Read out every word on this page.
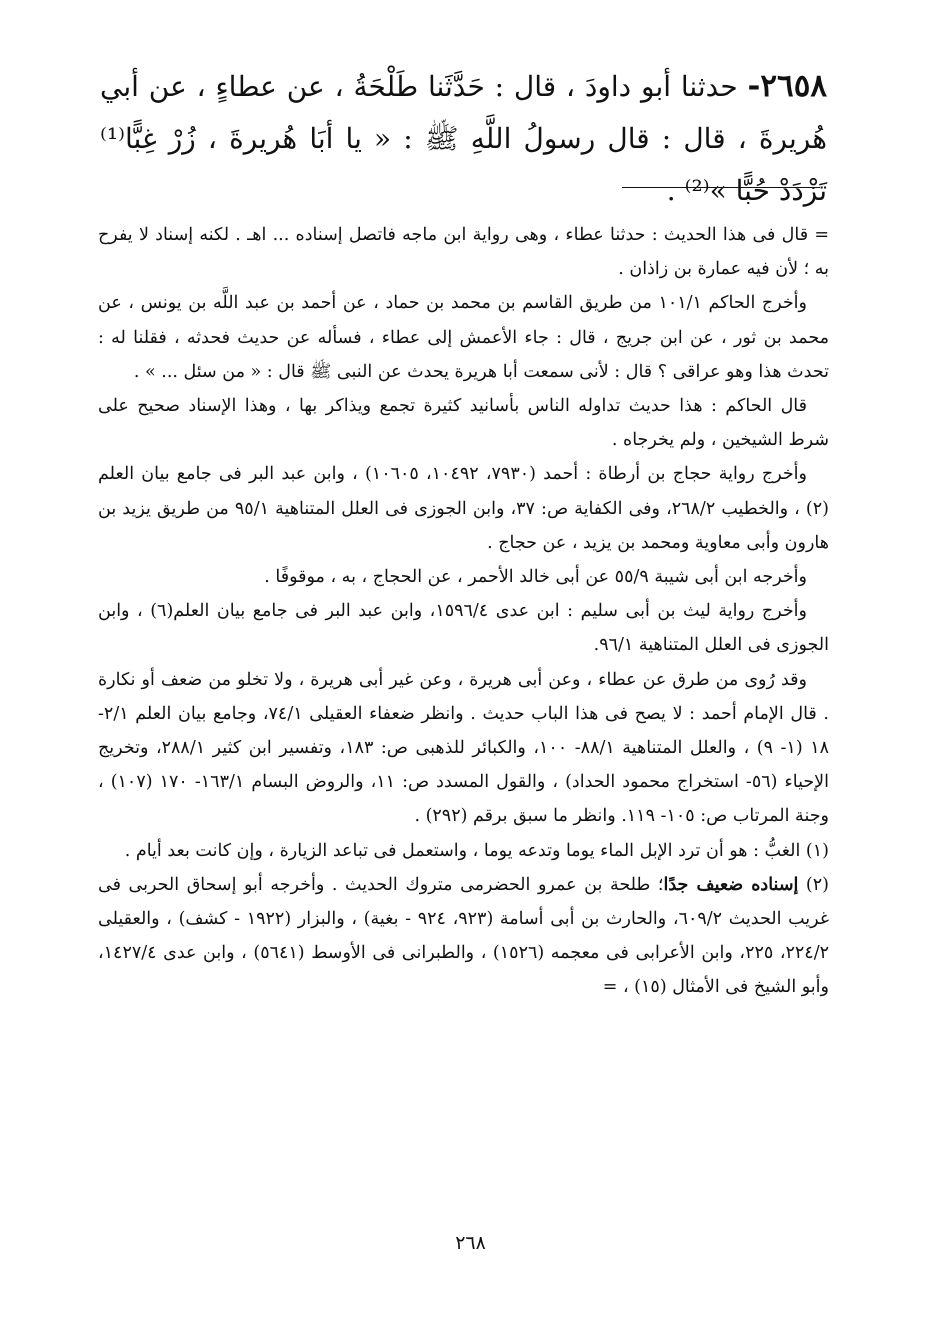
٢٦٥٨- حدثنا أبو داودَ ، قال : حَدَّثَنا طَلْحَةُ ، عن عطاءٍ ، عن أبي هُريرةَ ، قال : قال رسولُ اللَّهِ ﷺ : « يا أبَا هُريرةَ ، زُرْ غِبًّا⁽¹⁾ تَزْدَدْ حُبًّا »⁽²⁾ .

= قال فى هذا الحديث : حدثنا عطاء ، وهى رواية ابن ماجه فاتصل إسناده ... اهـ . لكنه إسناد لا يفرح به ؛ لأن فيه عمارة بن زاذان .

وأخرج الحاكم ١٠١/١ من طريق القاسم بن محمد بن حماد ، عن أحمد بن عبد اللَّه بن يونس ، عن محمد بن ثور ، عن ابن جريج ، قال : جاء الأعمش إلى عطاء ، فسأله عن حديث فحدثه ، فقلنا له : تحدث هذا وهو عراقى ؟ قال : لأنى سمعت أبا هريرة يحدث عن النبى ﷺ قال : « من سئل ... » .

قال الحاكم : هذا حديث تداوله الناس بأسانيد كثيرة تجمع ويذاكر بها ، وهذا الإسناد صحيح على شرط الشيخين ، ولم يخرجاه .

وأخرج رواية حجاج بن أرطاة : أحمد (٧٩٣٠، ١٠٤٩٢، ١٠٦٠٥) ، وابن عبد البر فى جامع بيان العلم (٢) ، والخطيب ٢٦٨/٢، وفى الكفاية ص: ٣٧، وابن الجوزى فى العلل المتناهية ٩٥/١ من طريق يزيد بن هارون وأبى معاوية ومحمد بن يزيد ، عن حجاج .

وأخرجه ابن أبى شيبة ٥٥/٩ عن أبى خالد الأحمر ، عن الحجاج ، به ، موقوفًا .

وأخرج رواية ليث بن أبى سليم : ابن عدى ١٥٩٦/٤، وابن عبد البر فى جامع بيان العلم(٦) ، وابن الجوزى فى العلل المتناهية ٩٦/١.

وقد رُوى من طرق عن عطاء ، وعن أبى هريرة ، وعن غير أبى هريرة ، ولا تخلو من ضعف أو نكارة . قال الإمام أحمد : لا يصح فى هذا الباب حديث . وانظر ضعفاء العقيلى ٧٤/١، وجامع بيان العلم ٢/١- ١٨ (١- ٩) ، والعلل المتناهية ٨٨/١- ١٠٠، والكبائر للذهبى ص: ١٨٣، وتفسير ابن كثير ٢٨٨/١، وتخريج الإحياء (٥٦- استخراج محمود الحداد) ، والقول المسدد ص: ١١، والروض البسام ١٦٣/١- ١٧٠ (١٠٧) ، وجنة المرتاب ص: ١٠٥- ١١٩. وانظر ما سبق برقم (٢٩٢) .

(١) الغبُّ : هو أن ترد الإبل الماء يوما وتدعه يوما ، واستعمل فى تباعد الزيارة ، وإن كانت بعد أيام .

(٢) إسناده ضعيف جدًا؛ طلحة بن عمرو الحضرمى متروك الحديث . وأخرجه أبو إسحاق الحربى فى غريب الحديث ٦٠٩/٢، والحارث بن أبى أسامة (٩٢٣، ٩٢٤ - بغية) ، والبزار (١٩٢٢ - كشف) ، والعقيلى ٢٢٤/٢، ٢٢٥، وابن الأعرابى فى معجمه (١٥٢٦) ، والطبرانى فى الأوسط (٥٦٤١) ، وابن عدى ١٤٢٧/٤، وأبو الشيخ فى الأمثال (١٥) ، =

٢٦٨
